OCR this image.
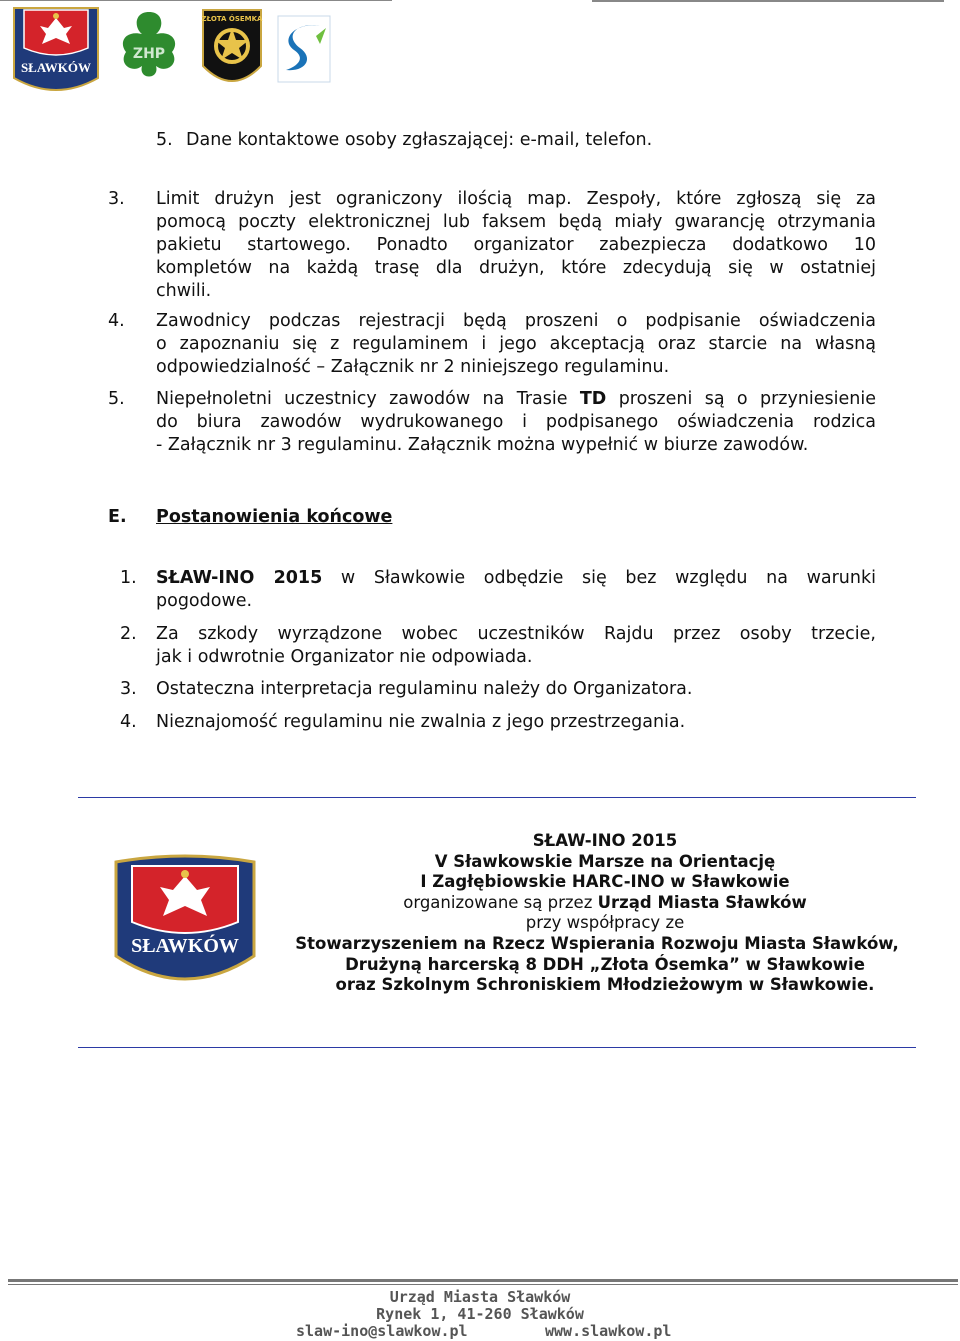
SŁAWKÓW
ZHP
ZŁOTA ÓSEMKA
5. Dane kontaktowe osoby zgłaszającej: e-mail, telefon.
3. Limit drużyn jest ograniczony ilością map. Zespoły, które zgłoszą się za
pomocą poczty elektronicznej lub faksem będą miały gwarancję otrzymania
pakietu startowego. Ponadto organizator zabezpiecza dodatkowo 10
kompletów na każdą trasę dla drużyn, które zdecydują się w ostatniej
chwili.
4. Zawodnicy podczas rejestracji będą proszeni o podpisanie oświadczenia
o zapoznaniu się z regulaminem i jego akceptacją oraz starcie na własną
odpowiedzialność – Załącznik nr 2 niniejszego regulaminu.
5. Niepełnoletni uczestnicy zawodów na Trasie TD proszeni są o przyniesienie
do biura zawodów wydrukowanego i podpisanego oświadczenia rodzica
- Załącznik nr 3 regulaminu. Załącznik można wypełnić w biurze zawodów.
E. Postanowienia końcowe
1. SŁAW-INO 2015 w Sławkowie odbędzie się bez względu na warunki
pogodowe.
2. Za szkody wyrządzone wobec uczestników Rajdu przez osoby trzecie,
jak i odwrotnie Organizator nie odpowiada.
3. Ostateczna interpretacja regulaminu należy do Organizatora.
4. Nieznajomość regulaminu nie zwalnia z jego przestrzegania.
SŁAWKÓW
SŁAW-INO 2015
V Sławkowskie Marsze na Orientację
I Zagłębiowskie HARC-INO w Sławkowie
organizowane są przez Urząd Miasta Sławków
przy współpracy ze
Stowarzyszeniem na Rzecz Wspierania Rozwoju Miasta Sławków,
Drużyną harcerską 8 DDH „Złota Ósemka” w Sławkowie
oraz Szkolnym Schroniskiem Młodzieżowym w Sławkowie.
Urząd Miasta Sławków
Rynek 1, 41-260 Sławków
slaw-ino@slawkow.pl	www.slawkow.pl
